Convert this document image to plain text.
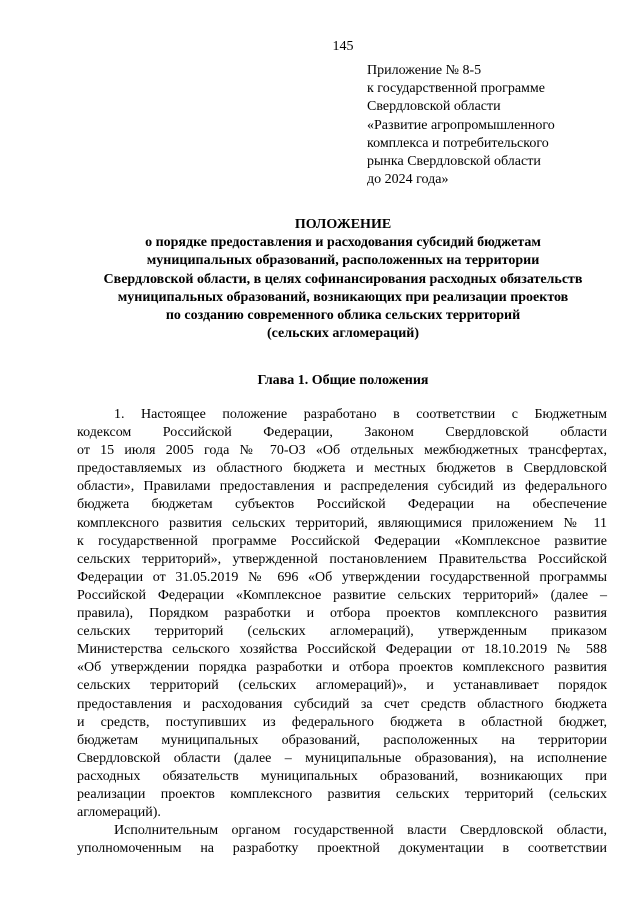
145
Приложение № 8-5
к государственной программе
Свердловской области
«Развитие агропромышленного
комплекса и потребительского
рынка Свердловской области
до 2024 года»
ПОЛОЖЕНИЕ
о порядке предоставления и расходования субсидий бюджетам
муниципальных образований, расположенных на территории
Свердловской области, в целях софинансирования расходных обязательств
муниципальных образований, возникающих при реализации проектов
по созданию современного облика сельских территорий
(сельских агломераций)
Глава 1. Общие положения
1. Настоящее положение разработано в соответствии с Бюджетным
кодексом Российской Федерации, Законом Свердловской области
от 15 июля 2005 года № 70-ОЗ «Об отдельных межбюджетных трансфертах,
предоставляемых из областного бюджета и местных бюджетов в Свердловской
области», Правилами предоставления и распределения субсидий из федерального
бюджета бюджетам субъектов Российской Федерации на обеспечение
комплексного развития сельских территорий, являющимися приложением № 11
к государственной программе Российской Федерации «Комплексное развитие
сельских территорий», утвержденной постановлением Правительства Российской
Федерации от 31.05.2019 № 696 «Об утверждении государственной программы
Российской Федерации «Комплексное развитие сельских территорий» (далее –
правила), Порядком разработки и отбора проектов комплексного развития
сельских территорий (сельских агломераций), утвержденным приказом
Министерства сельского хозяйства Российской Федерации от 18.10.2019 № 588
«Об утверждении порядка разработки и отбора проектов комплексного развития
сельских территорий (сельских агломераций)», и устанавливает порядок
предоставления и расходования субсидий за счет средств областного бюджета
и средств, поступивших из федерального бюджета в областной бюджет,
бюджетам муниципальных образований, расположенных на территории
Свердловской области (далее – муниципальные образования), на исполнение
расходных обязательств муниципальных образований, возникающих при
реализации проектов комплексного развития сельских территорий (сельских
агломераций).
Исполнительным органом государственной власти Свердловской области,
уполномоченным на разработку проектной документации в соответствии
